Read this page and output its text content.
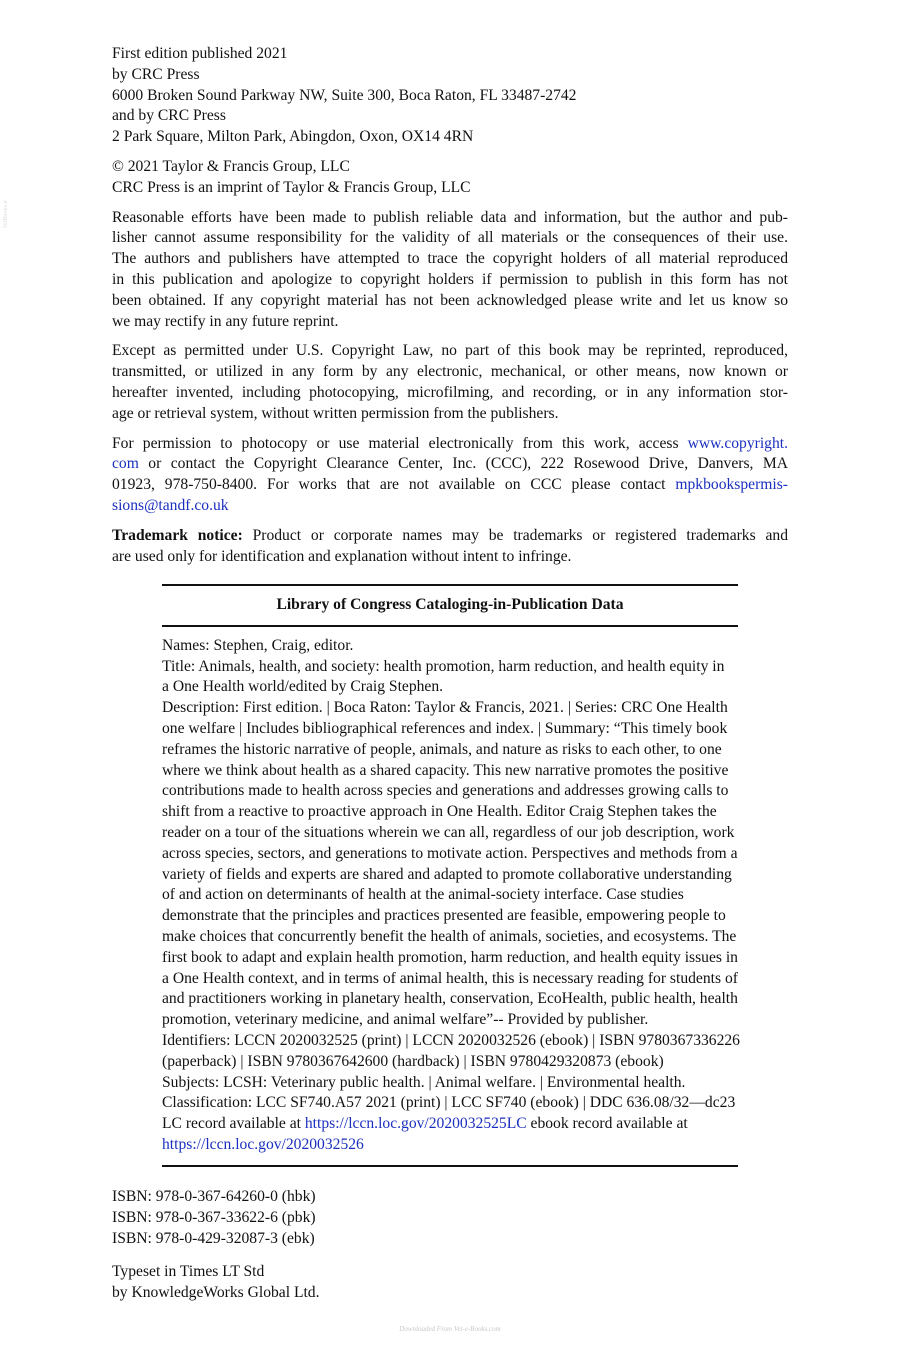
VetBooks.ir
First edition published 2021
by CRC Press
6000 Broken Sound Parkway NW, Suite 300, Boca Raton, FL 33487-2742
and by CRC Press
2 Park Square, Milton Park, Abingdon, Oxon, OX14 4RN
© 2021 Taylor & Francis Group, LLC
CRC Press is an imprint of Taylor & Francis Group, LLC
Reasonable efforts have been made to publish reliable data and information, but the author and pub-
lisher cannot assume responsibility for the validity of all materials or the consequences of their use.
The authors and publishers have attempted to trace the copyright holders of all material reproduced
in this publication and apologize to copyright holders if permission to publish in this form has not
been obtained. If any copyright material has not been acknowledged please write and let us know so
we may rectify in any future reprint.
Except as permitted under U.S. Copyright Law, no part of this book may be reprinted, reproduced,
transmitted, or utilized in any form by any electronic, mechanical, or other means, now known or
hereafter invented, including photocopying, microfilming, and recording, or in any information stor-
age or retrieval system, without written permission from the publishers.
For permission to photocopy or use material electronically from this work, access www.copyright.
com or contact the Copyright Clearance Center, Inc. (CCC), 222 Rosewood Drive, Danvers, MA
01923, 978-750-8400. For works that are not available on CCC please contact mpkbookspermis-
sions@tandf.co.uk
Trademark notice: Product or corporate names may be trademarks or registered trademarks and
are used only for identification and explanation without intent to infringe.
Library of Congress Cataloging-in-Publication Data
Names: Stephen, Craig, editor.
Title: Animals, health, and society: health promotion, harm reduction, and health equity in
a One Health world/edited by Craig Stephen.
Description: First edition. | Boca Raton: Taylor & Francis, 2021. | Series: CRC One Health
one welfare | Includes bibliographical references and index. | Summary: “This timely book
reframes the historic narrative of people, animals, and nature as risks to each other, to one
where we think about health as a shared capacity. This new narrative promotes the positive
contributions made to health across species and generations and addresses growing calls to
shift from a reactive to proactive approach in One Health. Editor Craig Stephen takes the
reader on a tour of the situations wherein we can all, regardless of our job description, work
across species, sectors, and generations to motivate action. Perspectives and methods from a
variety of fields and experts are shared and adapted to promote collaborative understanding
of and action on determinants of health at the animal-society interface. Case studies
demonstrate that the principles and practices presented are feasible, empowering people to
make choices that concurrently benefit the health of animals, societies, and ecosystems. The
first book to adapt and explain health promotion, harm reduction, and health equity issues in
a One Health context, and in terms of animal health, this is necessary reading for students of
and practitioners working in planetary health, conservation, EcoHealth, public health, health
promotion, veterinary medicine, and animal welfare”-- Provided by publisher.
Identifiers: LCCN 2020032525 (print) | LCCN 2020032526 (ebook) | ISBN 9780367336226
(paperback) | ISBN 9780367642600 (hardback) | ISBN 9780429320873 (ebook)
Subjects: LCSH: Veterinary public health. | Animal welfare. | Environmental health.
Classification: LCC SF740.A57 2021 (print) | LCC SF740 (ebook) | DDC 636.08/32—dc23
LC record available at https://lccn.loc.gov/2020032525LC ebook record available at
https://lccn.loc.gov/2020032526
ISBN: 978-0-367-64260-0 (hbk)
ISBN: 978-0-367-33622-6 (pbk)
ISBN: 978-0-429-32087-3 (ebk)
Typeset in Times LT Std
by KnowledgeWorks Global Ltd.
Downloaded From Vet-e-Books.com
